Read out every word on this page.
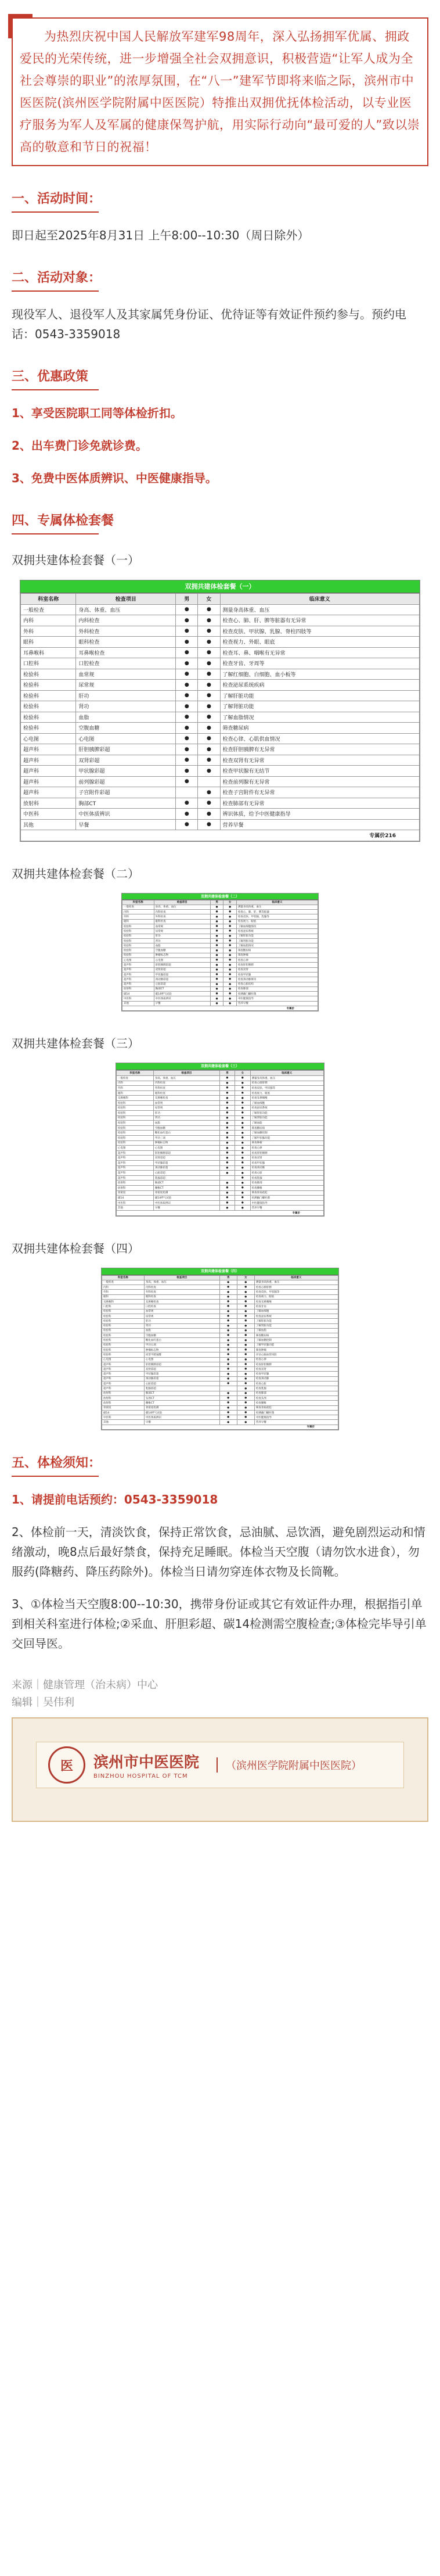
为热烈庆祝中国人民解放军建军98周年，深入弘扬拥军优属、拥政爱民的光荣传统，进一步增强全社会双拥意识，积极营造“让军人成为全社会尊崇的职业”的浓厚氛围，在“八一”建军节即将来临之际，滨州市中医医院(滨州医学院附属中医医院）特推出双拥优抚体检活动，以专业医疗服务为军人及军属的健康保驾护航，用实际行动向“最可爱的人”致以崇高的敬意和节日的祝福！

一、活动时间：

即日起至2025年8月31日 上午8:00--10:30（周日除外）

二、活动对象：

现役军人、退役军人及其家属凭身份证、优待证等有效证件预约参与。预约电话：0543-3359018

三、优惠政策

1、享受医院职工同等体检折扣。

2、出车费门诊免就诊费。

3、免费中医体质辨识、中医健康指导。

四、专属体检套餐

双拥共建体检套餐（一）

双拥共建体检套餐（一）
科室名称	检查项目	男	女	临床意义
一般检查	身高、体重、血压	●	●	测量身高体重、血压
内科	内科检查	●	●	检查心、肺、肝、脾等脏器有无异常
外科	外科检查	●	●	检查皮肤、甲状腺、乳腺、脊柱四肢等
眼科	眼科检查	●	●	检查视力、外眼、眼底
耳鼻喉科	耳鼻喉检查	●	●	检查耳、鼻、咽喉有无异常
口腔科	口腔检查	●	●	检查牙齿、牙周等
检验科	血常规	●	●	了解红细胞、白细胞、血小板等
检验科	尿常规	●	●	检查泌尿系统疾病
检验科	肝功	●	●	了解肝脏功能
检验科	肾功	●	●	了解肾脏功能
检验科	血脂	●	●	了解血脂情况
检验科	空腹血糖	●	●	筛查糖尿病
心电图	心电图	●	●	检查心律、心肌供血情况
超声科	肝胆胰脾彩超	●	●	检查肝胆胰脾有无异常
超声科	双肾彩超	●	●	检查双肾有无异常
超声科	甲状腺彩超	●	●	检查甲状腺有无结节
超声科	前列腺彩超	●		检查前列腺有无异常
超声科	子宫附件彩超		●	检查子宫附件有无异常
放射科	胸部CT	●	●	检查肺部有无异常
中医科	中医体质辨识	●	●	辨识体质，给予中医健康指导
其他	早餐	●	●	营养早餐
专属价216				

双拥共建体检套餐（二）

双拥共建体检套餐（二）
科室名称	检查项目	男	女	临床意义
一般检查	身高、体重、血压	●	●	测量身高体重、血压
内科	内科检查	●	●	检查心、肺、肝、脾等脏器
外科	外科检查	●	●	检查皮肤、甲状腺、乳腺等
眼科	眼科检查	●	●	检查视力、眼底
检验科	血常规	●	●	了解血细胞情况
检验科	尿常规	●	●	检查泌尿系统
检验科	肝功	●	●	了解肝脏功能
检验科	肾功	●	●	了解肾脏功能
检验科	血脂	●	●	了解血脂情况
检验科	空腹血糖	●	●	筛查糖尿病
检验科	肿瘤标志物	●	●	筛查肿瘤
心电图	心电图	●	●	检查心律
超声科	肝胆胰脾彩超	●	●	检查肝胆胰脾
超声科	双肾彩超	●	●	检查双肾
超声科	甲状腺彩超	●	●	检查甲状腺
超声科	颈动脉彩超	●	●	检查颈动脉斑块
超声科	心脏彩超	●	●	检查心脏结构
放射科	胸部CT	●	●	检查肺部
碳14	碳14呼气试验	●	●	检测幽门螺杆菌
中医科	中医体质辨识	●	●	中医健康指导
其他	早餐	●	●	营养早餐
专属价				

双拥共建体检套餐（三）

双拥共建体检套餐（三）
科室名称	检查项目	男	女	临床意义
一般检查	身高、体重、血压	●	●	测量身高体重、血压
内科	内科检查	●	●	检查心肺肝脾
外科	外科检查	●	●	检查皮肤、甲状腺等
眼科	眼科检查	●	●	检查视力、眼底
耳鼻喉科	耳鼻喉检查	●	●	检查耳鼻咽喉
检验科	血常规	●	●	了解血细胞
检验科	尿常规	●	●	检查泌尿系统
检验科	肝功	●	●	了解肝脏功能
检验科	肾功	●	●	了解肾脏功能
检验科	血脂	●	●	了解血脂
检验科	空腹血糖	●	●	筛查糖尿病
检验科	糖化血红蛋白	●	●	了解血糖控制
检验科	甲功三项	●	●	了解甲状腺功能
检验科	肿瘤标志物	●	●	筛查肿瘤
心电图	心电图	●	●	检查心律
超声科	肝胆胰脾彩超	●	●	检查肝胆胰脾
超声科	双肾彩超	●	●	检查双肾
超声科	甲状腺彩超	●	●	检查甲状腺
超声科	颈动脉彩超	●	●	检查颈动脉
超声科	心脏彩超	●	●	检查心脏
超声科	乳腺彩超		●	检查乳腺
放射科	胸部CT	●	●	检查肺部
放射科	腰椎CT	●	●	检查腰椎
骨密度	骨密度检测	●	●	筛查骨质疏松
碳14	碳14呼气试验	●	●	检测幽门螺杆菌
中医科	中医体质辨识	●	●	中医健康指导
其他	早餐	●	●	营养早餐
专属价				

双拥共建体检套餐（四）

双拥共建体检套餐（四）
科室名称	检查项目	男	女	临床意义
一般检查	身高、体重、血压	●	●	测量身高体重、血压
内科	内科检查	●	●	检查心肺肝脾
外科	外科检查	●	●	检查皮肤、甲状腺等
眼科	眼科检查	●	●	检查视力、眼底
耳鼻喉科	耳鼻喉检查	●	●	检查耳鼻咽喉
口腔科	口腔检查	●	●	检查牙齿
检验科	血常规	●	●	了解血细胞
检验科	尿常规	●	●	检查泌尿系统
检验科	肝功	●	●	了解肝脏功能
检验科	肾功	●	●	了解肾脏功能
检验科	血脂	●	●	了解血脂
检验科	空腹血糖	●	●	筛查糖尿病
检验科	糖化血红蛋白	●	●	了解血糖控制
检验科	甲功五项	●	●	了解甲状腺功能
检验科	肿瘤标志物	●	●	筛查肿瘤
检验科	同型半胱氨酸	●	●	评估心脑血管风险
心电图	心电图	●	●	检查心律
超声科	肝胆胰脾彩超	●	●	检查肝胆胰脾
超声科	双肾彩超	●	●	检查双肾
超声科	甲状腺彩超	●	●	检查甲状腺
超声科	颈动脉彩超	●	●	检查颈动脉
超声科	心脏彩超	●	●	检查心脏
超声科	乳腺彩超		●	检查乳腺
放射科	胸部CT	●	●	检查肺部
放射科	头颅CT	●	●	检查头颅
放射科	腰椎CT	●	●	检查腰椎
骨密度	骨密度检测	●	●	筛查骨质疏松
碳14	碳14呼气试验	●	●	检测幽门螺杆菌
中医科	中医体质辨识	●	●	中医健康指导
其他	早餐	●	●	营养早餐
专属价				
五、体检须知：

1、请提前电话预约：0543-3359018

2、体检前一天，清淡饮食，保持正常饮食，忌油腻、忌饮酒，避免剧烈运动和情绪激动，晚8点后最好禁食，保持充足睡眠。体检当天空腹（请勿饮水进食），勿服药(降糖药、降压药除外)。体检当日请勿穿连体衣物及长筒靴。

3、①体检当天空腹8:00--10:30，携带身份证或其它有效证件办理，根据指引单到相关科室进行体检;②采血、肝胆彩超、碳14检测需空腹检查;③体检完毕导引单交回导医。

来源｜健康管理（治未病）中心

编辑｜吴伟利

医	滨州市中医医院
BINZHOU HOSPITAL OF TCM
（滨州医学院附属中医医院）
